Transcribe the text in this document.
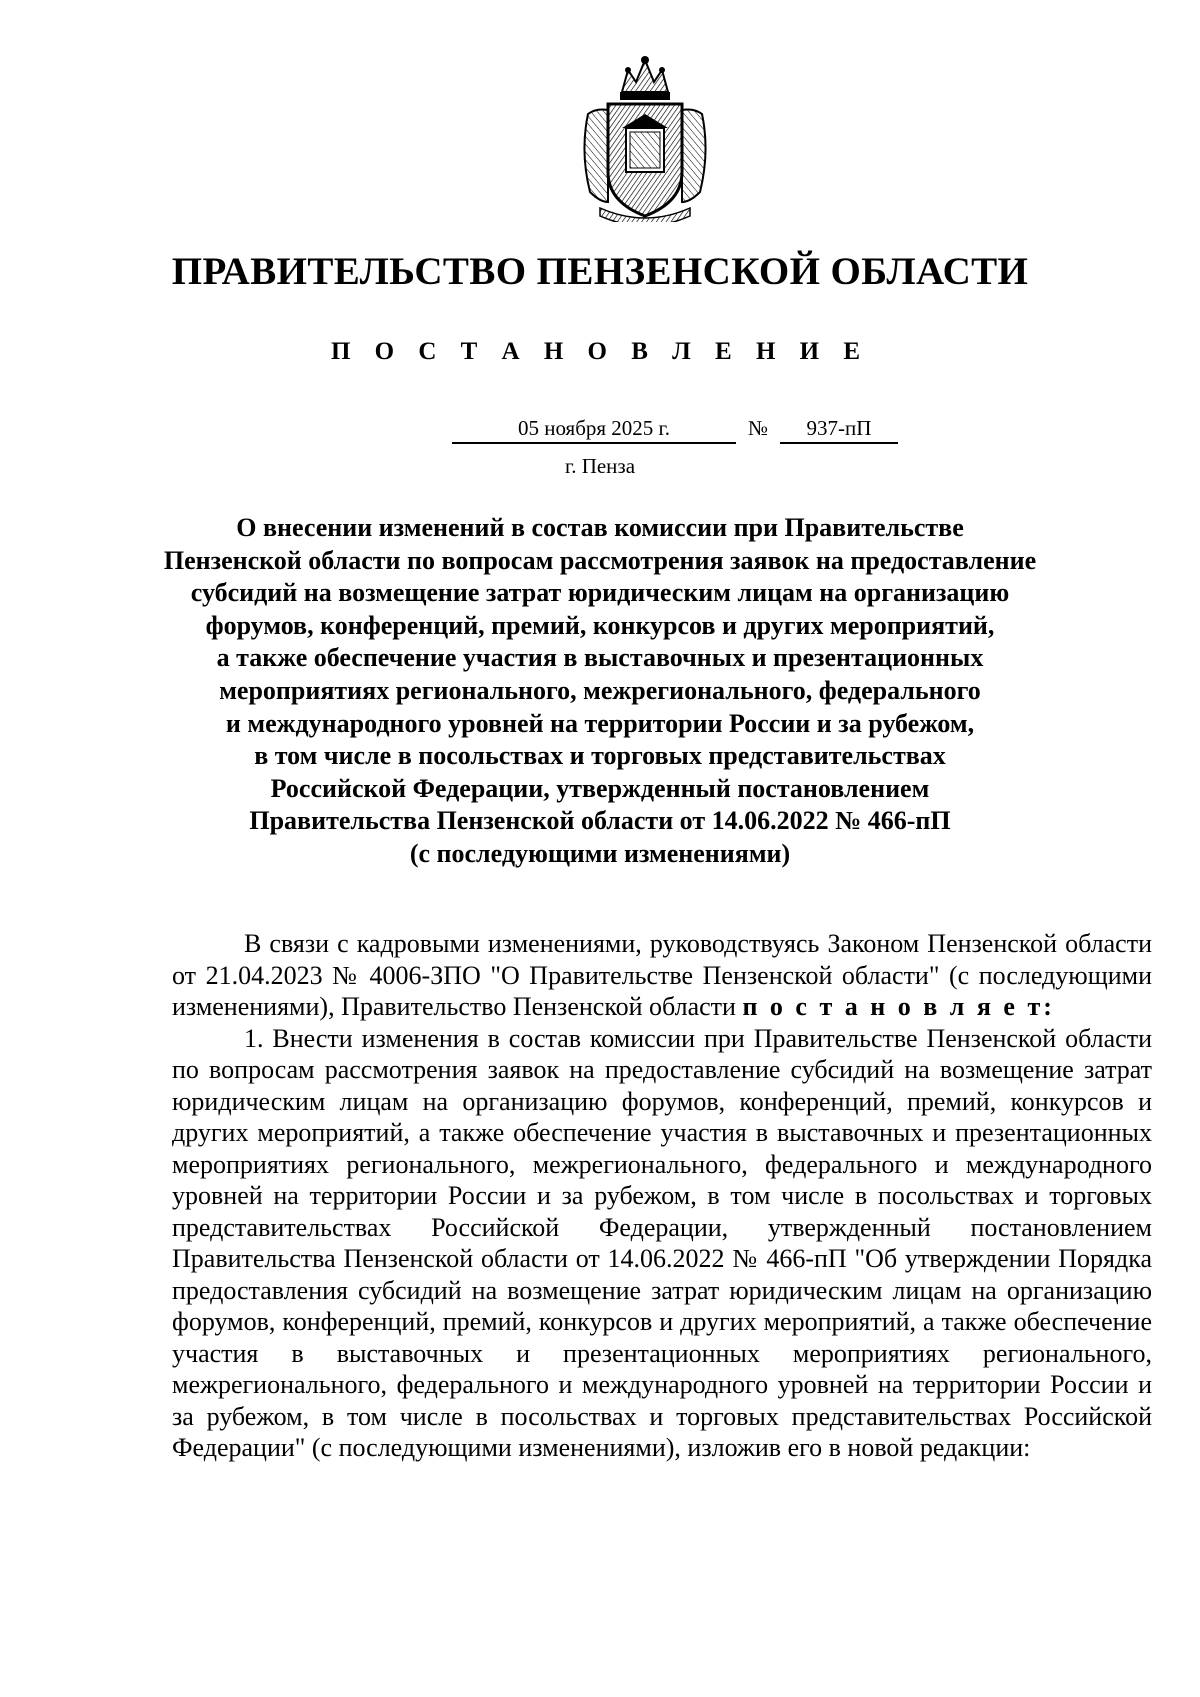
ПРАВИТЕЛЬСТВО ПЕНЗЕНСКОЙ ОБЛАСТИ
П О С Т А Н О В Л Е Н И Е
05 ноября 2025 г.	№	937-пП
г. Пенза
О внесении изменений в состав комиссии при Правительстве
Пензенской области по вопросам рассмотрения заявок на предоставление
субсидий на возмещение затрат юридическим лицам на организацию
форумов, конференций, премий, конкурсов и других мероприятий,
а также обеспечение участия в выставочных и презентационных
мероприятиях регионального, межрегионального, федерального
и международного уровней на территории России и за рубежом,
в том числе в посольствах и торговых представительствах
Российской Федерации, утвержденный постановлением
Правительства Пензенской области от 14.06.2022 № 466-пП
(с последующими изменениями)

В связи с кадровыми изменениями, руководствуясь Законом Пензенской области от 21.04.2023 № 4006-ЗПО "О Правительстве Пензенской области" (с последующими изменениями), Правительство Пензенской области п о с т а н о в л я е т:

1. Внести изменения в состав комиссии при Правительстве Пензенской области по вопросам рассмотрения заявок на предоставление субсидий на возмещение затрат юридическим лицам на организацию форумов, конференций, премий, конкурсов и других мероприятий, а также обеспечение участия в выставочных и презентационных мероприятиях регионального, межрегионального, федерального и международного уровней на территории России и за рубежом, в том числе в посольствах и торговых представительствах Российской Федерации, утвержденный постановлением Правительства Пензенской области от 14.06.2022 № 466-пП "Об утверждении Порядка предоставления субсидий на возмещение затрат юридическим лицам на организацию форумов, конференций, премий, конкурсов и других мероприятий, а также обеспечение участия в выставочных и презентационных мероприятиях регионального, межрегионального, федерального и международного уровней на территории России и за рубежом, в том числе в посольствах и торговых представительствах Российской Федерации" (с последующими изменениями), изложив его в новой редакции:
